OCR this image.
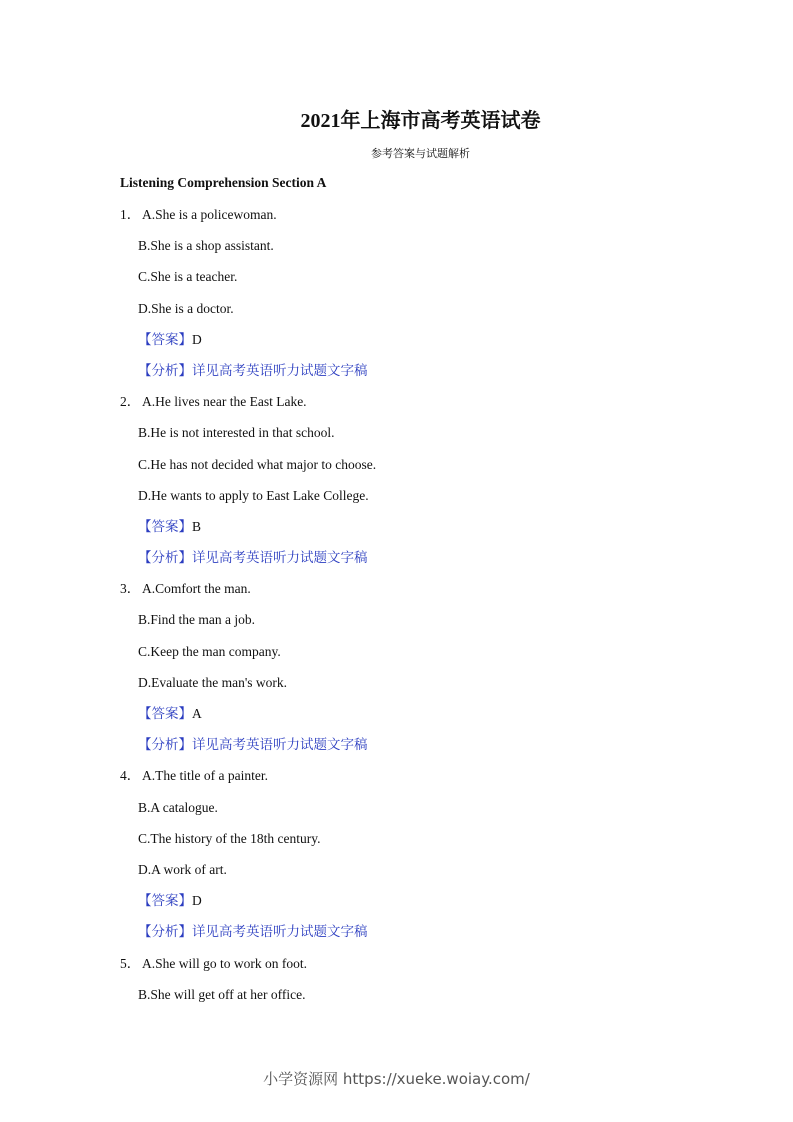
2021年上海市高考英语试卷
参考答案与试题解析
Listening Comprehension Section A
1． A.She is a policewoman.
B.She is a shop assistant.
C.She is a teacher.
D.She is a doctor.
【答案】D
【分析】详见高考英语听力试题文字稿
2． A.He lives near the East Lake.
B.He is not interested in that school.
C.He has not decided what major to choose.
D.He wants to apply to East Lake College.
【答案】B
【分析】详见高考英语听力试题文字稿
3． A.Comfort the man.
B.Find the man a job.
C.Keep the man company.
D.Evaluate the man's work.
【答案】A
【分析】详见高考英语听力试题文字稿
4． A.The title of a painter.
B.A catalogue.
C.The history of the 18th century.
D.A work of art.
【答案】D
【分析】详见高考英语听力试题文字稿
5． A.She will go to work on foot.
B.She will get off at her office.
小学资源网 https://xueke.woiay.com/
